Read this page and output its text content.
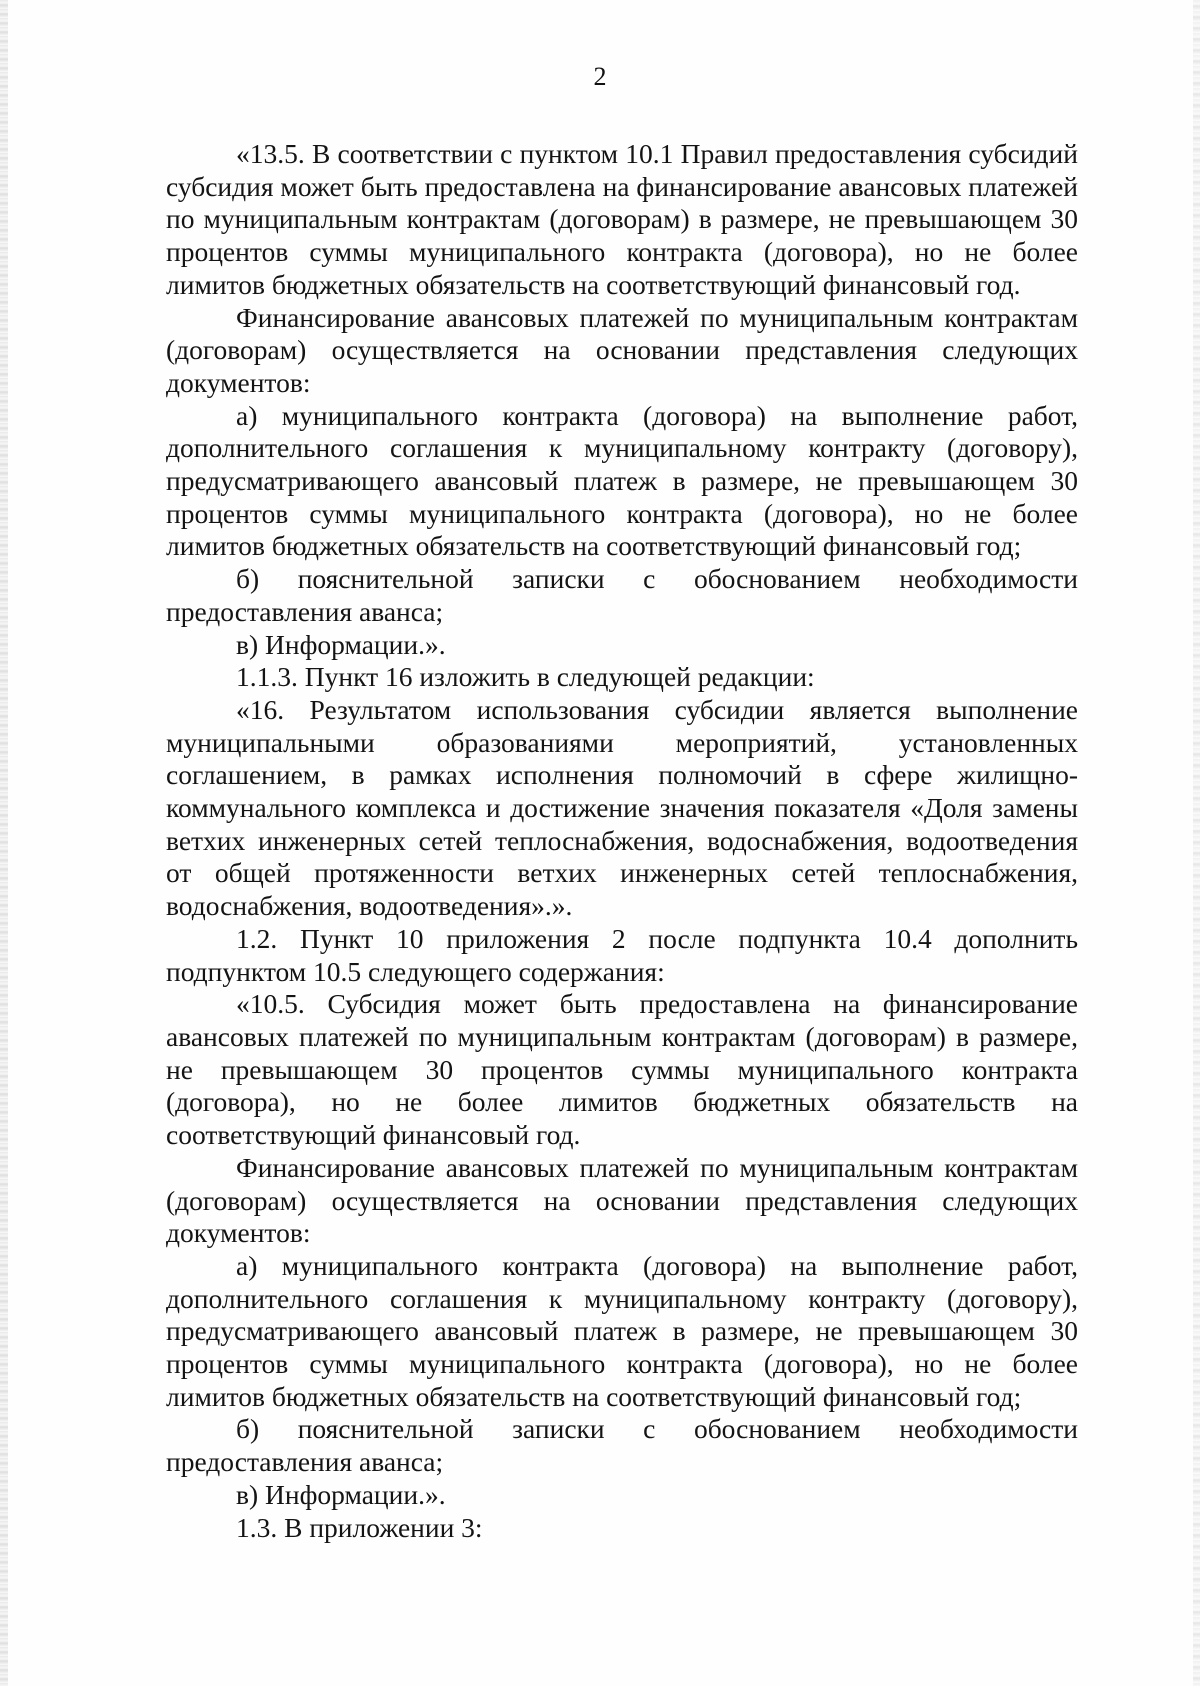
2

«13.5. В соответствии с пунктом 10.1 Правил предоставления субсидий субсидия может быть предоставлена на финансирование авансовых платежей по муниципальным контрактам (договорам) в размере, не превышающем 30 процентов суммы муниципального контракта (договора), но не более лимитов бюджетных обязательств на соответствующий финансовый год.

Финансирование авансовых платежей по муниципальным контрактам (договорам) осуществляется на основании представления следующих документов:

а) муниципального контракта (договора) на выполнение работ, дополнительного соглашения к муниципальному контракту (договору), предусматривающего авансовый платеж в размере, не превышающем 30 процентов суммы муниципального контракта (договора), но не более лимитов бюджетных обязательств на соответствующий финансовый год;

б) пояснительной записки с обоснованием необходимости предоставления аванса;

в) Информации.».

1.1.3. Пункт 16 изложить в следующей редакции:

«16. Результатом использования субсидии является выполнение муниципальными образованиями мероприятий, установленных соглашением, в рамках исполнения полномочий в сфере жилищно-коммунального комплекса и достижение значения показателя «Доля замены ветхих инженерных сетей теплоснабжения, водоснабжения, водоотведения от общей протяженности ветхих инженерных сетей теплоснабжения, водоснабжения, водоотведения».».

1.2. Пункт 10 приложения 2 после подпункта 10.4 дополнить подпунктом 10.5 следующего содержания:

«10.5. Субсидия может быть предоставлена на финансирование авансовых платежей по муниципальным контрактам (договорам) в размере, не превышающем 30 процентов суммы муниципального контракта (договора), но не более лимитов бюджетных обязательств на соответствующий финансовый год.

Финансирование авансовых платежей по муниципальным контрактам (договорам) осуществляется на основании представления следующих документов:

а) муниципального контракта (договора) на выполнение работ, дополнительного соглашения к муниципальному контракту (договору), предусматривающего авансовый платеж в размере, не превышающем 30 процентов суммы муниципального контракта (договора), но не более лимитов бюджетных обязательств на соответствующий финансовый год;

б) пояснительной записки с обоснованием необходимости предоставления аванса;

в) Информации.».

1.3. В приложении 3:
